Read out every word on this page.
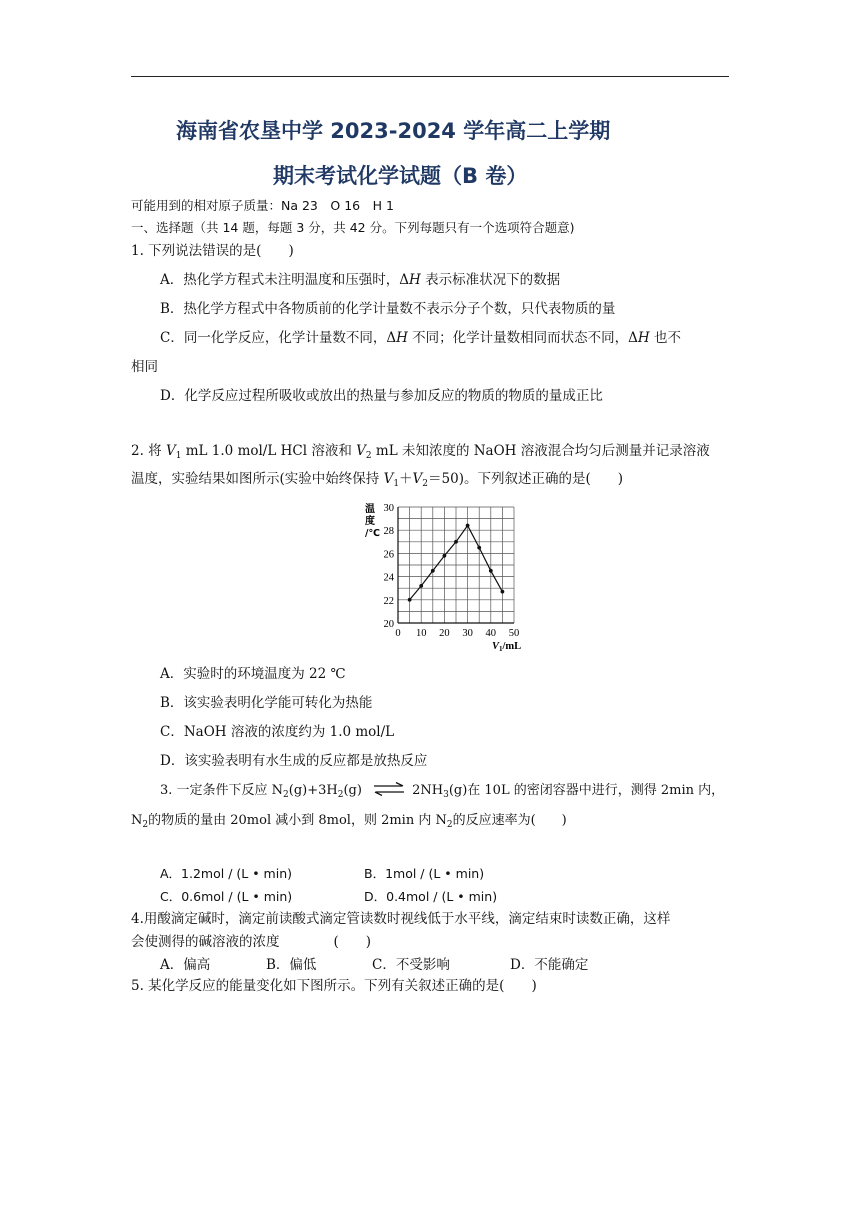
海南省农垦中学 2023-2024 学年高二上学期
期末考试化学试题（B 卷）
可能用到的相对原子质量：Na 23　O 16　H 1
一、选择题（共 14 题，每题 3 分，共 42 分。下列每题只有一个选项符合题意)
1. 下列说法错误的是(　　)
A．热化学方程式未注明温度和压强时，ΔH 表示标准状况下的数据
B．热化学方程式中各物质前的化学计量数不表示分子个数，只代表物质的量
C．同一化学反应，化学计量数不同，ΔH 不同；化学计量数相同而状态不同，ΔH 也不
相同
D．化学反应过程所吸收或放出的热量与参加反应的物质的物质的量成正比
2. 将 $V_1$ mL 1.0 mol/L HCl 溶液和 $V_2$ mL 未知浓度的 NaOH 溶液混合均匀后测量并记录溶液
温度，实验结果如图所示(实验中始终保持 $V_1+V_2=50$)。下列叙述正确的是(　　)
0 10 20 30 40 50
20
22
24
26
28
30
温
度
/℃
V1/mL
A．实验时的环境温度为 22 ℃
B．该实验表明化学能可转化为热能
C．NaOH 溶液的浓度约为 1.0 mol/L
D．该实验表明有水生成的反应都是放热反应
3. 一定条件下反应 $N_2(g)+3H_2(g)$ ⇌ $2NH_3(g)$在 10L 的密闭容器中进行，测得 2min 内，
$N_2$的物质的量由 20mol 减小到 8mol，则 2min 内 $N_2$的反应速率为(　　)
A．1.2mol / (L • min)	B．1mol / (L • min)
C．0.6mol / (L • min)	D．0.4mol / (L • min)
4.用酸滴定碱时，滴定前读酸式滴定管读数时视线低于水平线，滴定结束时读数正确，这样
会使测得的碱溶液的浓度　　　　(　　)
A．偏高	B．偏低	C．不受影响	D．不能确定
5. 某化学反应的能量变化如下图所示。下列有关叙述正确的是(　　)
